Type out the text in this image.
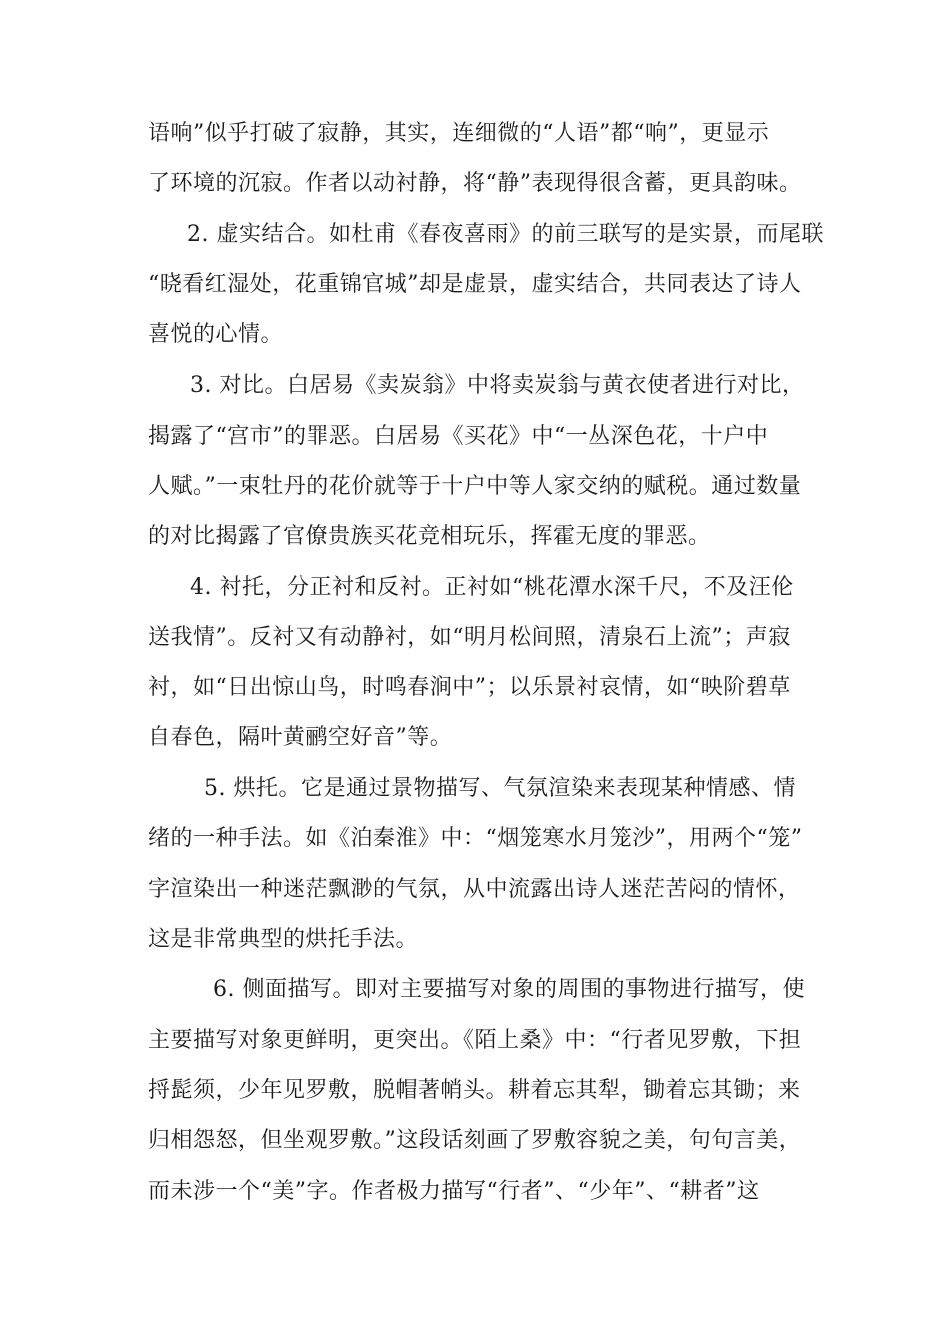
语响”似乎打破了寂静，其实，连细微的“人语”都“响”，更显示
了环境的沉寂。作者以动衬静，将“静”表现得很含蓄，更具韵味。
2. 虚实结合。如杜甫《春夜喜雨》的前三联写的是实景，而尾联
“晓看红湿处，花重锦官城”却是虚景，虚实结合，共同表达了诗人
喜悦的心情。
3. 对比。白居易《卖炭翁》中将卖炭翁与黄衣使者进行对比，
揭露了“宫市”的罪恶。白居易《买花》中“一丛深色花，十户中
人赋。”一束牡丹的花价就等于十户中等人家交纳的赋税。通过数量
的对比揭露了官僚贵族买花竞相玩乐，挥霍无度的罪恶。
4. 衬托，分正衬和反衬。正衬如“桃花潭水深千尺，不及汪伦
送我情”。反衬又有动静衬，如“明月松间照，清泉石上流”；声寂
衬，如“日出惊山鸟，时鸣春涧中”；以乐景衬哀情，如“映阶碧草
自春色，隔叶黄鹂空好音”等。
5. 烘托。它是通过景物描写、气氛渲染来表现某种情感、情
绪的一种手法。如《泊秦淮》中：“烟笼寒水月笼沙”，用两个“笼”
字渲染出一种迷茫飘渺的气氛，从中流露出诗人迷茫苦闷的情怀，
这是非常典型的烘托手法。
6. 侧面描写。即对主要描写对象的周围的事物进行描写，使
主要描写对象更鲜明，更突出。《陌上桑》中：“行者见罗敷，下担
捋髭须，少年见罗敷，脱帽著帩头。耕着忘其犁，锄着忘其锄；来
归相怨怒，但坐观罗敷。”这段话刻画了罗敷容貌之美，句句言美，
而未涉一个“美”字。作者极力描写“行者”、“少年”、“耕者”这
